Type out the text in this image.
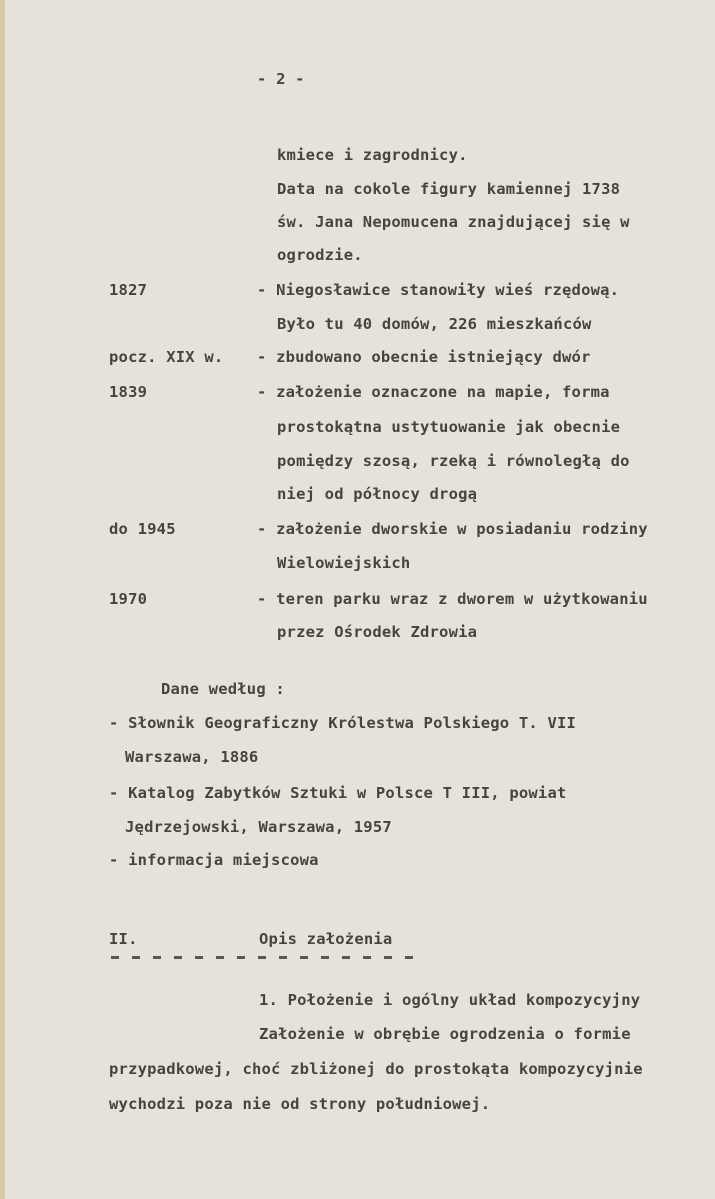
- 2 -
kmiece i zagrodnicy.
Data na cokole figury kamiennej 1738
św. Jana Nepomucena znajdującej się w
ogrodzie.
1827	- Niegosławice stanowiły wieś rzędową.
Było tu 40 domów, 226 mieszkańców
pocz. XIX w. - zbudowano obecnie istniejący dwór
1839	- założenie oznaczone na mapie, forma
prostokątna ustytuowanie jak obecnie
pomiędzy szosą, rzeką i równoległą do
niej od północy drogą
do 1945	- założenie dworskie w posiadaniu rodziny
Wielowiejskich
1970	- teren parku wraz z dworem w użytkowaniu
przez Ośrodek Zdrowia
Dane według :
- Słownik Geograficzny Królestwa Polskiego T. VII
Warszawa, 1886
- Katalog Zabytków Sztuki w Polsce T III, powiat
Jędrzejowski, Warszawa, 1957
- informacja miejscowa
II.	Opis założenia
1. Położenie i ogólny układ kompozycyjny
Założenie w obrębie ogrodzenia o formie
przypadkowej, choć zbliżonej do prostokąta kompozycyjnie
wychodzi poza nie od strony południowej.
